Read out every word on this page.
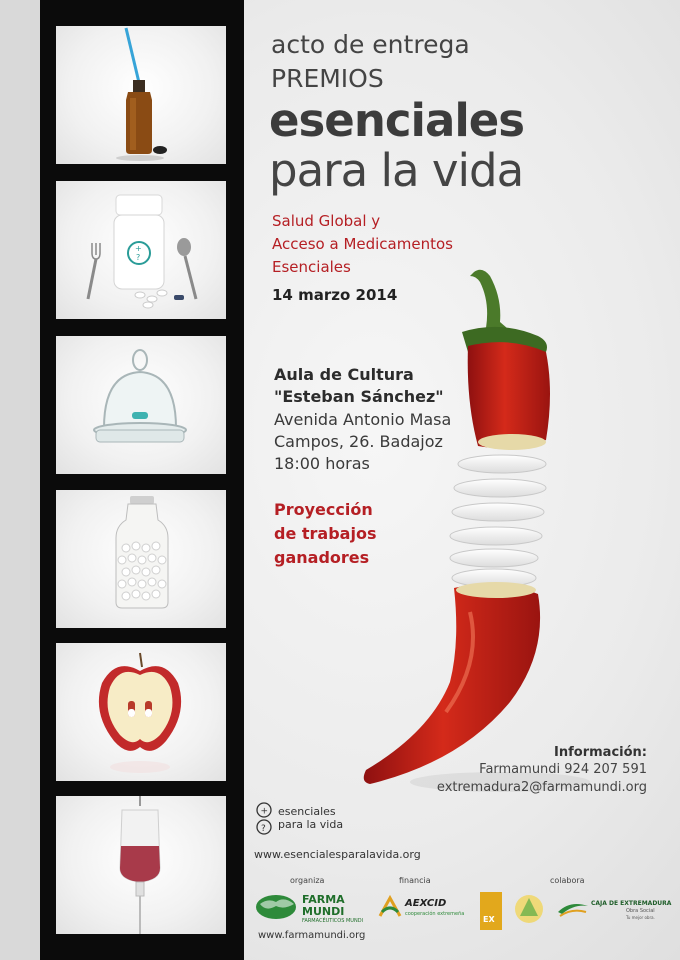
+
?
acto de entrega
PREMIOS
esenciales
para la vida
Salud Global y
Acceso a Medicamentos
Esenciales
14 marzo 2014
Aula de Cultura
"Esteban Sánchez"
Avenida Antonio Masa
Campos, 26. Badajoz
18:00 horas
Proyección
de trabajos
ganadores
Información:
Farmamundi 924 207 591
extremadura2@farmamundi.org
+
?
esenciales
para la vida
www.esencialesparalavida.org
organiza	financia	colabora
FARMA
MUNDI
FARMACÉUTICOS MUNDI
www.farmamundi.org
AEXCID
cooperación extremeña
EX
CAJA DE EXTREMADURA
Obra Social
Tu mejor obra.
